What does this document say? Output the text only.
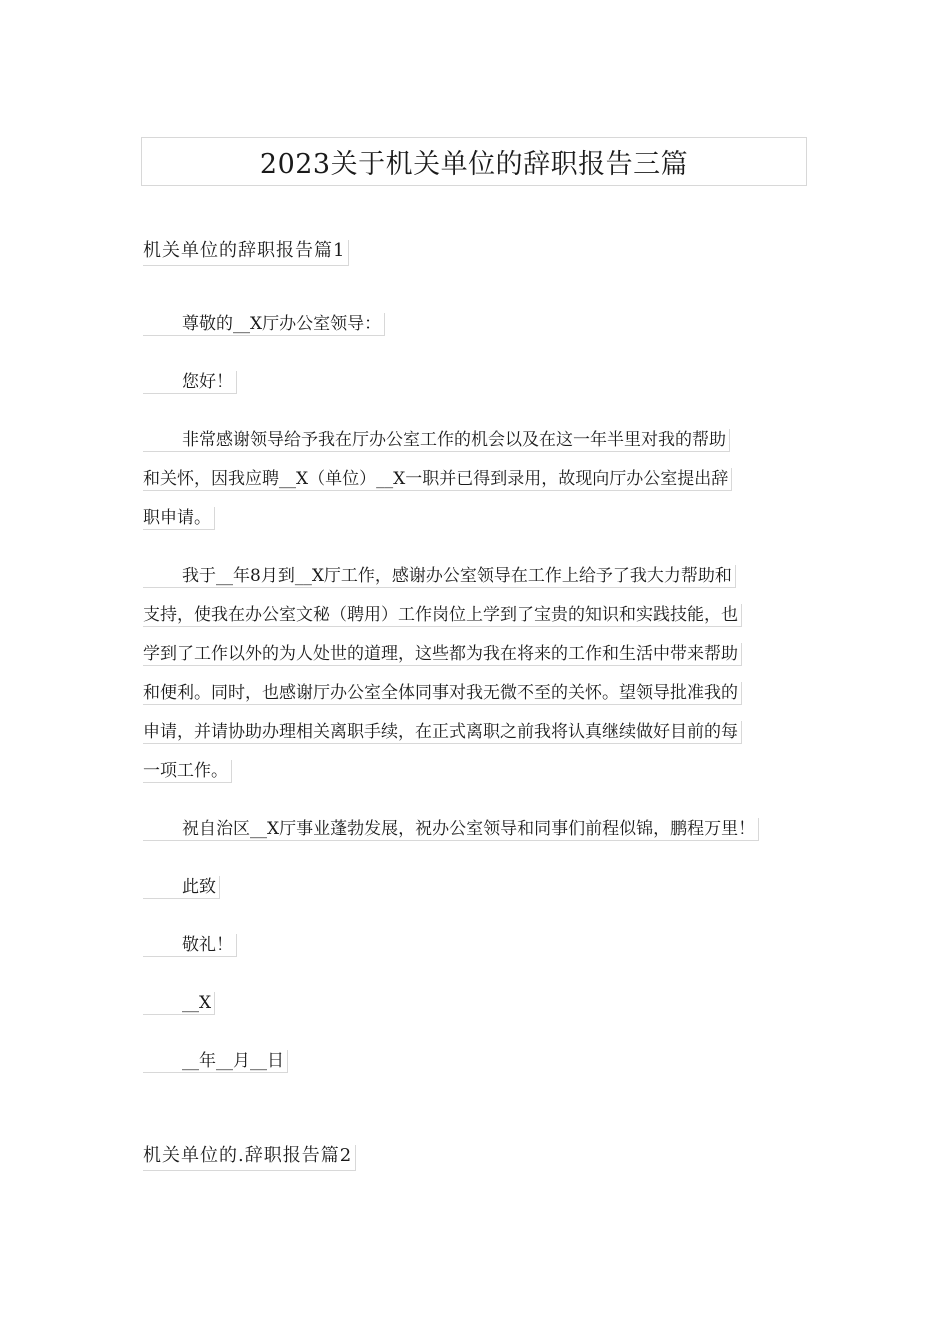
2023关于机关单位的辞职报告三篇
机关单位的辞职报告篇1
尊敬的__X厅办公室领导：
您好！
非常感谢领导给予我在厅办公室工作的机会以及在这一年半里对我的帮助
和关怀，因我应聘__X（单位）__X一职并已得到录用，故现向厅办公室提出辞
职申请。
我于__年8月到__X厅工作，感谢办公室领导在工作上给予了我大力帮助和
支持，使我在办公室文秘（聘用）工作岗位上学到了宝贵的知识和实践技能，也
学到了工作以外的为人处世的道理，这些都为我在将来的工作和生活中带来帮助
和便利。同时，也感谢厅办公室全体同事对我无微不至的关怀。望领导批准我的
申请，并请协助办理相关离职手续，在正式离职之前我将认真继续做好目前的每
一项工作。
祝自治区__X厅事业蓬勃发展，祝办公室领导和同事们前程似锦，鹏程万里！
此致
敬礼！
__X
__年__月__日
机关单位的.辞职报告篇2
